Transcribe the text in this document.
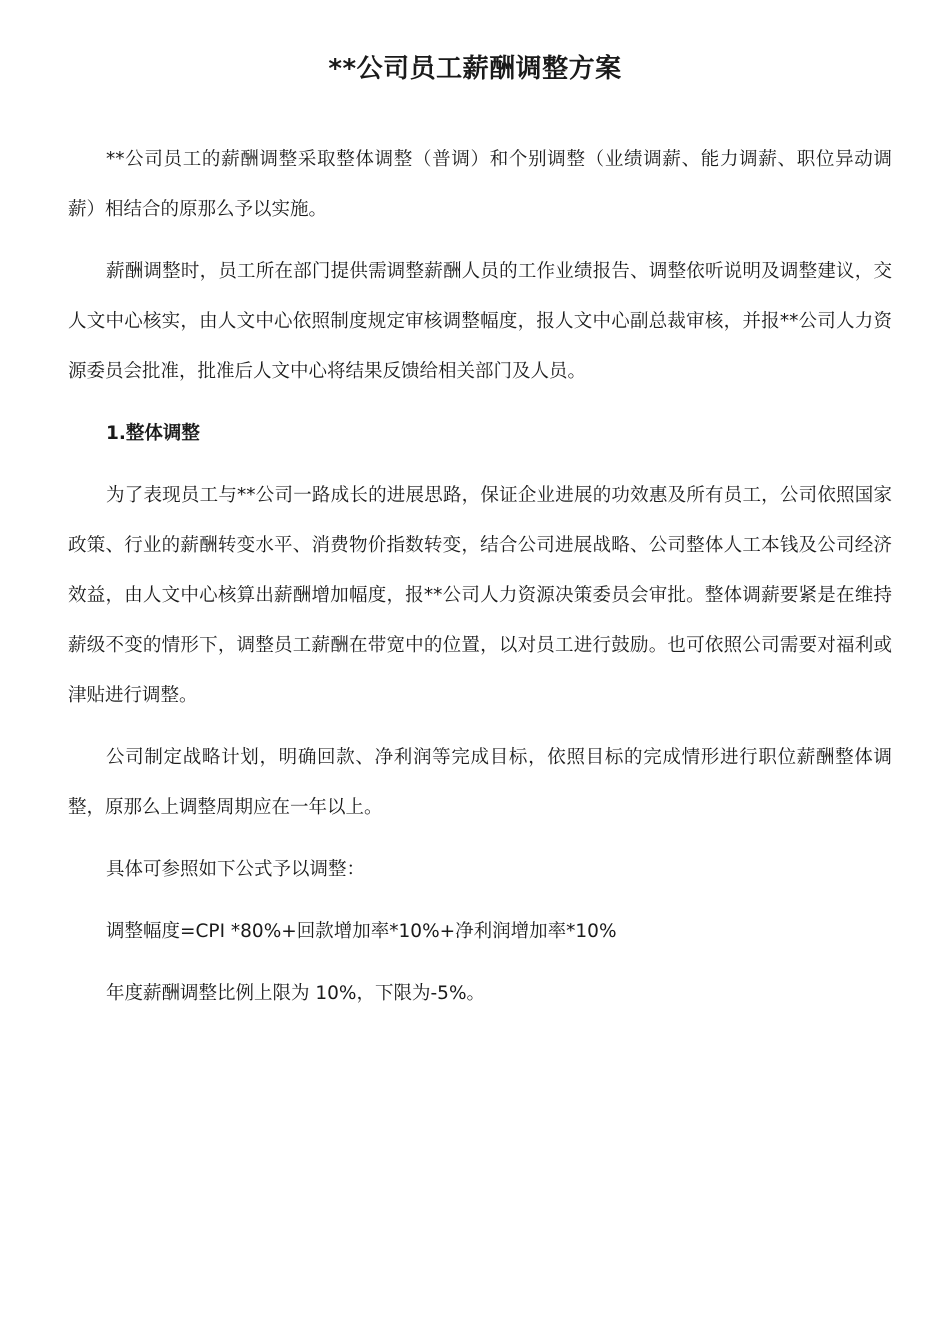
**公司员工薪酬调整方案

**公司员工的薪酬调整采取整体调整（普调）和个别调整（业绩调薪、能力调薪、职位异动调薪）相结合的原那么予以实施。

薪酬调整时，员工所在部门提供需调整薪酬人员的工作业绩报告、调整依听说明及调整建议，交人文中心核实，由人文中心依照制度规定审核调整幅度，报人文中心副总裁审核，并报**公司人力资源委员会批准，批准后人文中心将结果反馈给相关部门及人员。

1.整体调整

为了表现员工与**公司一路成长的进展思路，保证企业进展的功效惠及所有员工，公司依照国家政策、行业的薪酬转变水平、消费物价指数转变，结合公司进展战略、公司整体人工本钱及公司经济效益，由人文中心核算出薪酬增加幅度，报**公司人力资源决策委员会审批。整体调薪要紧是在维持薪级不变的情形下，调整员工薪酬在带宽中的位置，以对员工进行鼓励。也可依照公司需要对福利或津贴进行调整。

公司制定战略计划，明确回款、净利润等完成目标，依照目标的完成情形进行职位薪酬整体调整，原那么上调整周期应在一年以上。

具体可参照如下公式予以调整：

调整幅度=CPI *80%+回款增加率*10%+净利润增加率*10%

年度薪酬调整比例上限为 10%，下限为-5%。
